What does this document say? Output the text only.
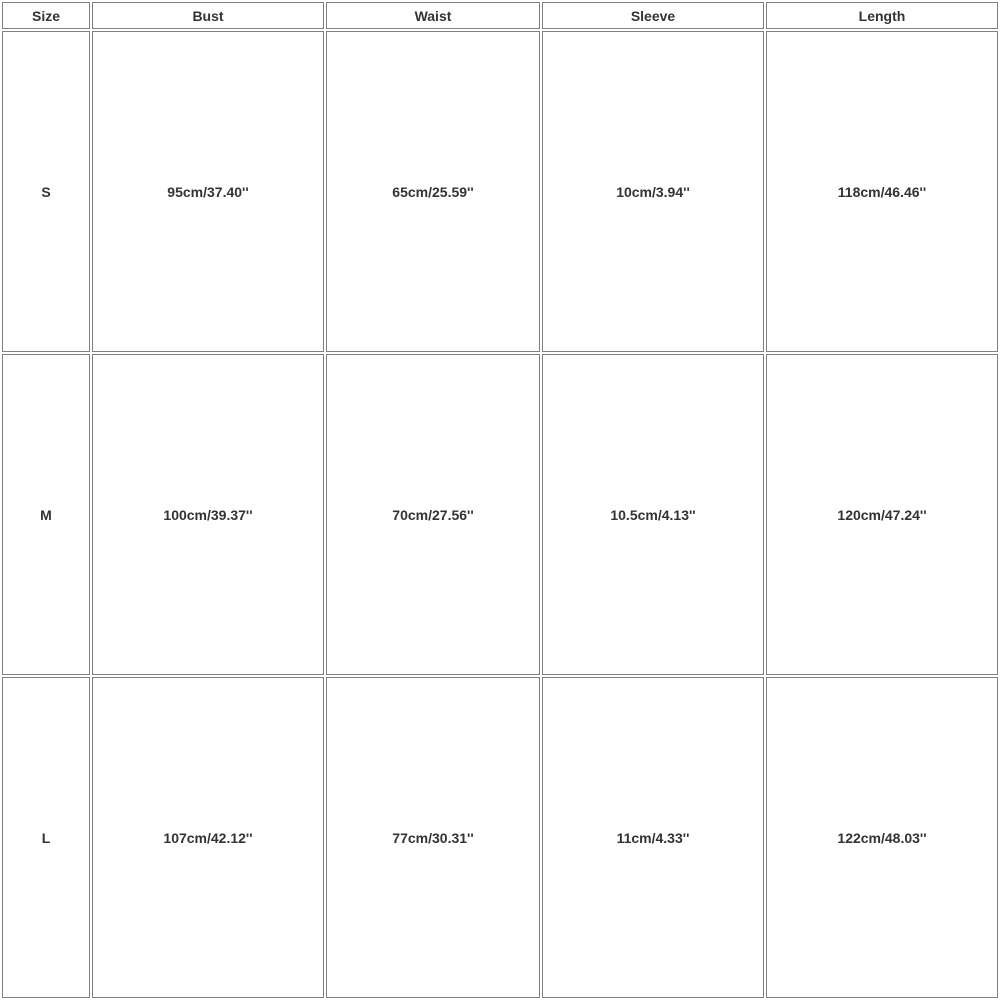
Size	Bust	Waist	Sleeve	Length
S	95cm/37.40''	65cm/25.59''	10cm/3.94''	118cm/46.46''
M	100cm/39.37''	70cm/27.56''	10.5cm/4.13''	120cm/47.24''
L	107cm/42.12''	77cm/30.31''	11cm/4.33''	122cm/48.03''
